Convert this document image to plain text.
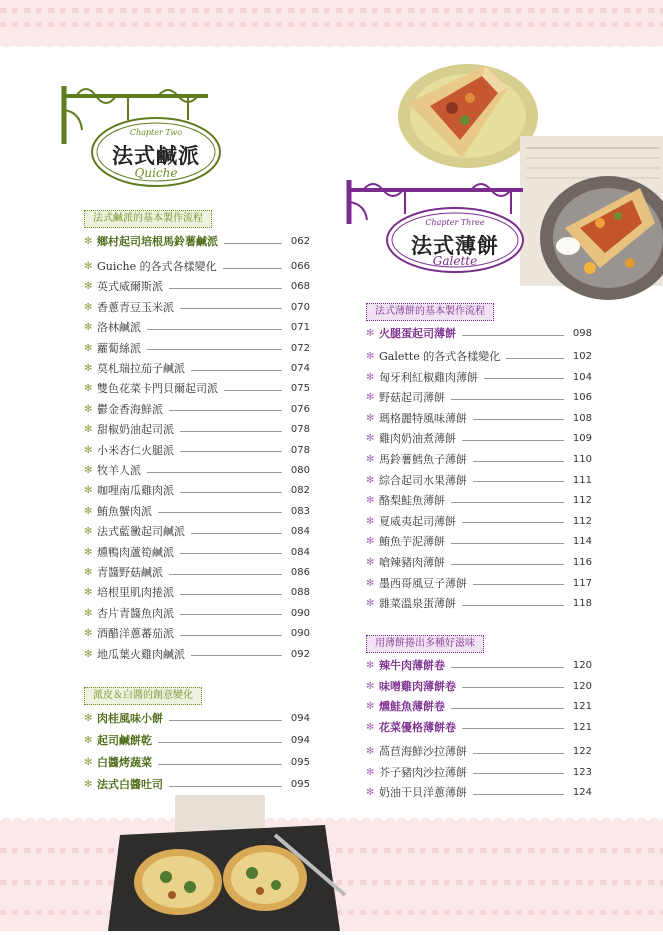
Chapter Two
法式鹹派
Quiche
Chapter Three
法式薄餅
Galette
法式鹹派的基本製作流程
✻ 鄉村起司培根馬鈴薯鹹派	062
✻ Guiche 的各式各樣變化	066
✻ 英式威爾斯派	068
✻ 香蔥青豆玉米派	070
✻ 洛林鹹派	071
✻ 蘿蔔絲派	072
✻ 莫札瑞拉茄子鹹派	074
✻ 雙色花菜卡門貝爾起司派	075
✻ 鬱金香海鮮派	076
✻ 甜椒奶油起司派	078
✻ 小米杏仁火腿派	078
✻ 牧羊人派	080
✻ 咖哩南瓜雞肉派	082
✻ 鮪魚蟹肉派	083
✻ 法式藍黴起司鹹派	084
✻ 燻鴨肉蘆筍鹹派	084
✻ 青醬野菇鹹派	086
✻ 培根里肌肉捲派	088
✻ 杏片青醬魚肉派	090
✻ 酒醋洋蔥蕃茄派	090
✻ 地瓜葉火雞肉鹹派	092
派皮＆白醬的創意變化
✻ 肉桂風味小餅	094
✻ 起司鹹餅乾	094
✻ 白醬烤蔬菜	095
✻ 法式白醬吐司	095
法式薄餅的基本製作流程
✻ 火腿蛋起司薄餅	098
✻ Galette 的各式各樣變化	102
✻ 匈牙利紅椒雞肉薄餅	104
✻ 野菇起司薄餅	106
✻ 瑪格麗特風味薄餅	108
✻ 雞肉奶油煮薄餅	109
✻ 馬鈴薯鱈魚子薄餅	110
✻ 綜合起司水果薄餅	111
✻ 酪梨鮭魚薄餅	112
✻ 夏威夷起司薄餅	112
✻ 鮪魚芋泥薄餅	114
✻ 嗆辣豬肉薄餅	116
✻ 墨西哥風豆子薄餅	117
✻ 雜菜溫泉蛋薄餅	118
用薄餅捲出多種好滋味
✻ 辣牛肉薄餅卷	120
✻ 味噌雞肉薄餅卷	120
✻ 燻鮭魚薄餅卷	121
✻ 花菜優格薄餅卷	121
✻ 萵苣海鮮沙拉薄餅	122
✻ 芥子豬肉沙拉薄餅	123
✻ 奶油干貝洋蔥薄餅	124
